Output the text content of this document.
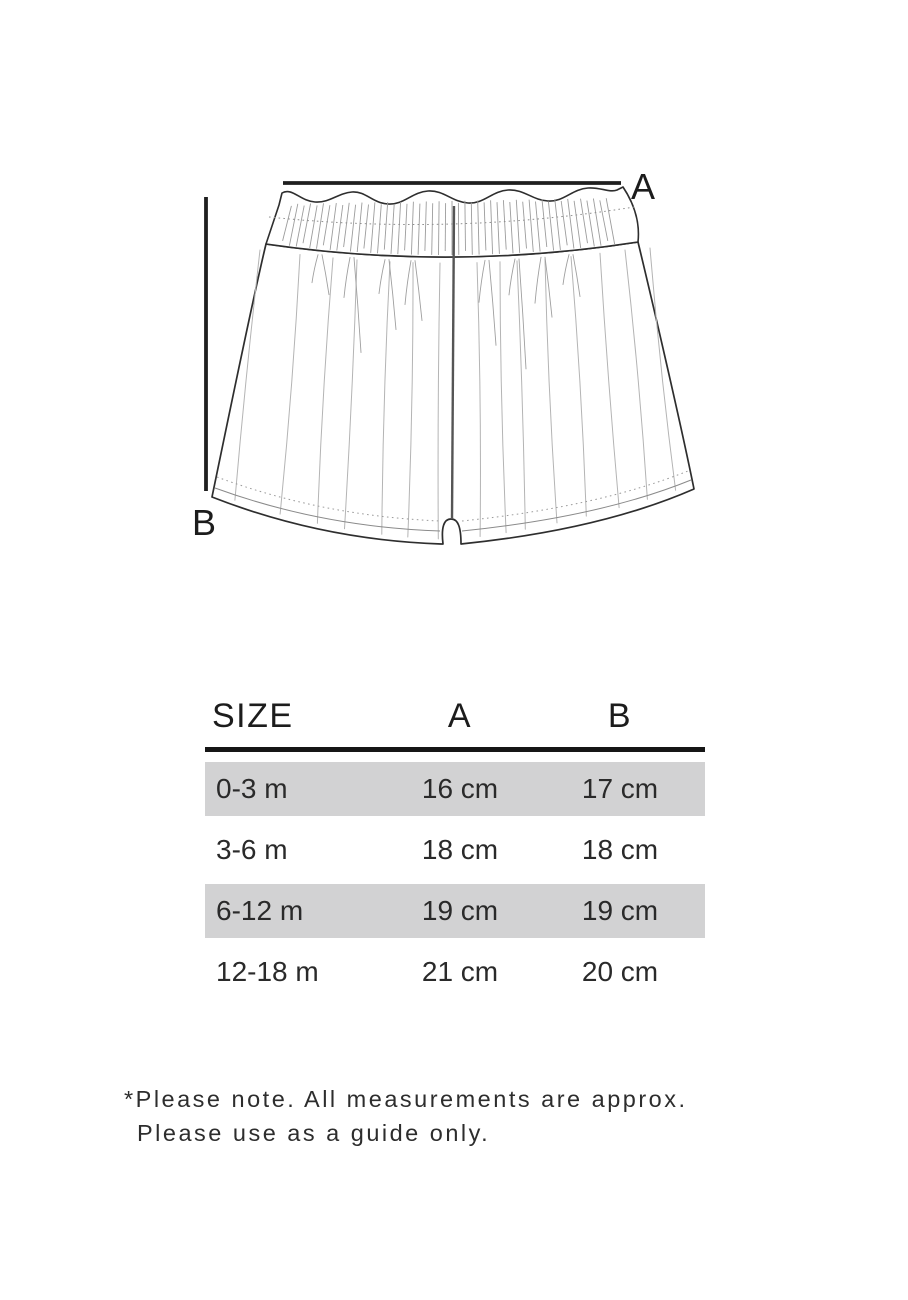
A
B
SIZE	A	B
0-3 m	16 cm	17 cm
3-6 m	18 cm	18 cm
6-12 m	19 cm	19 cm
12-18 m	21 cm	20 cm
*Please note. All measurements are approx.
Please use as a guide only.
